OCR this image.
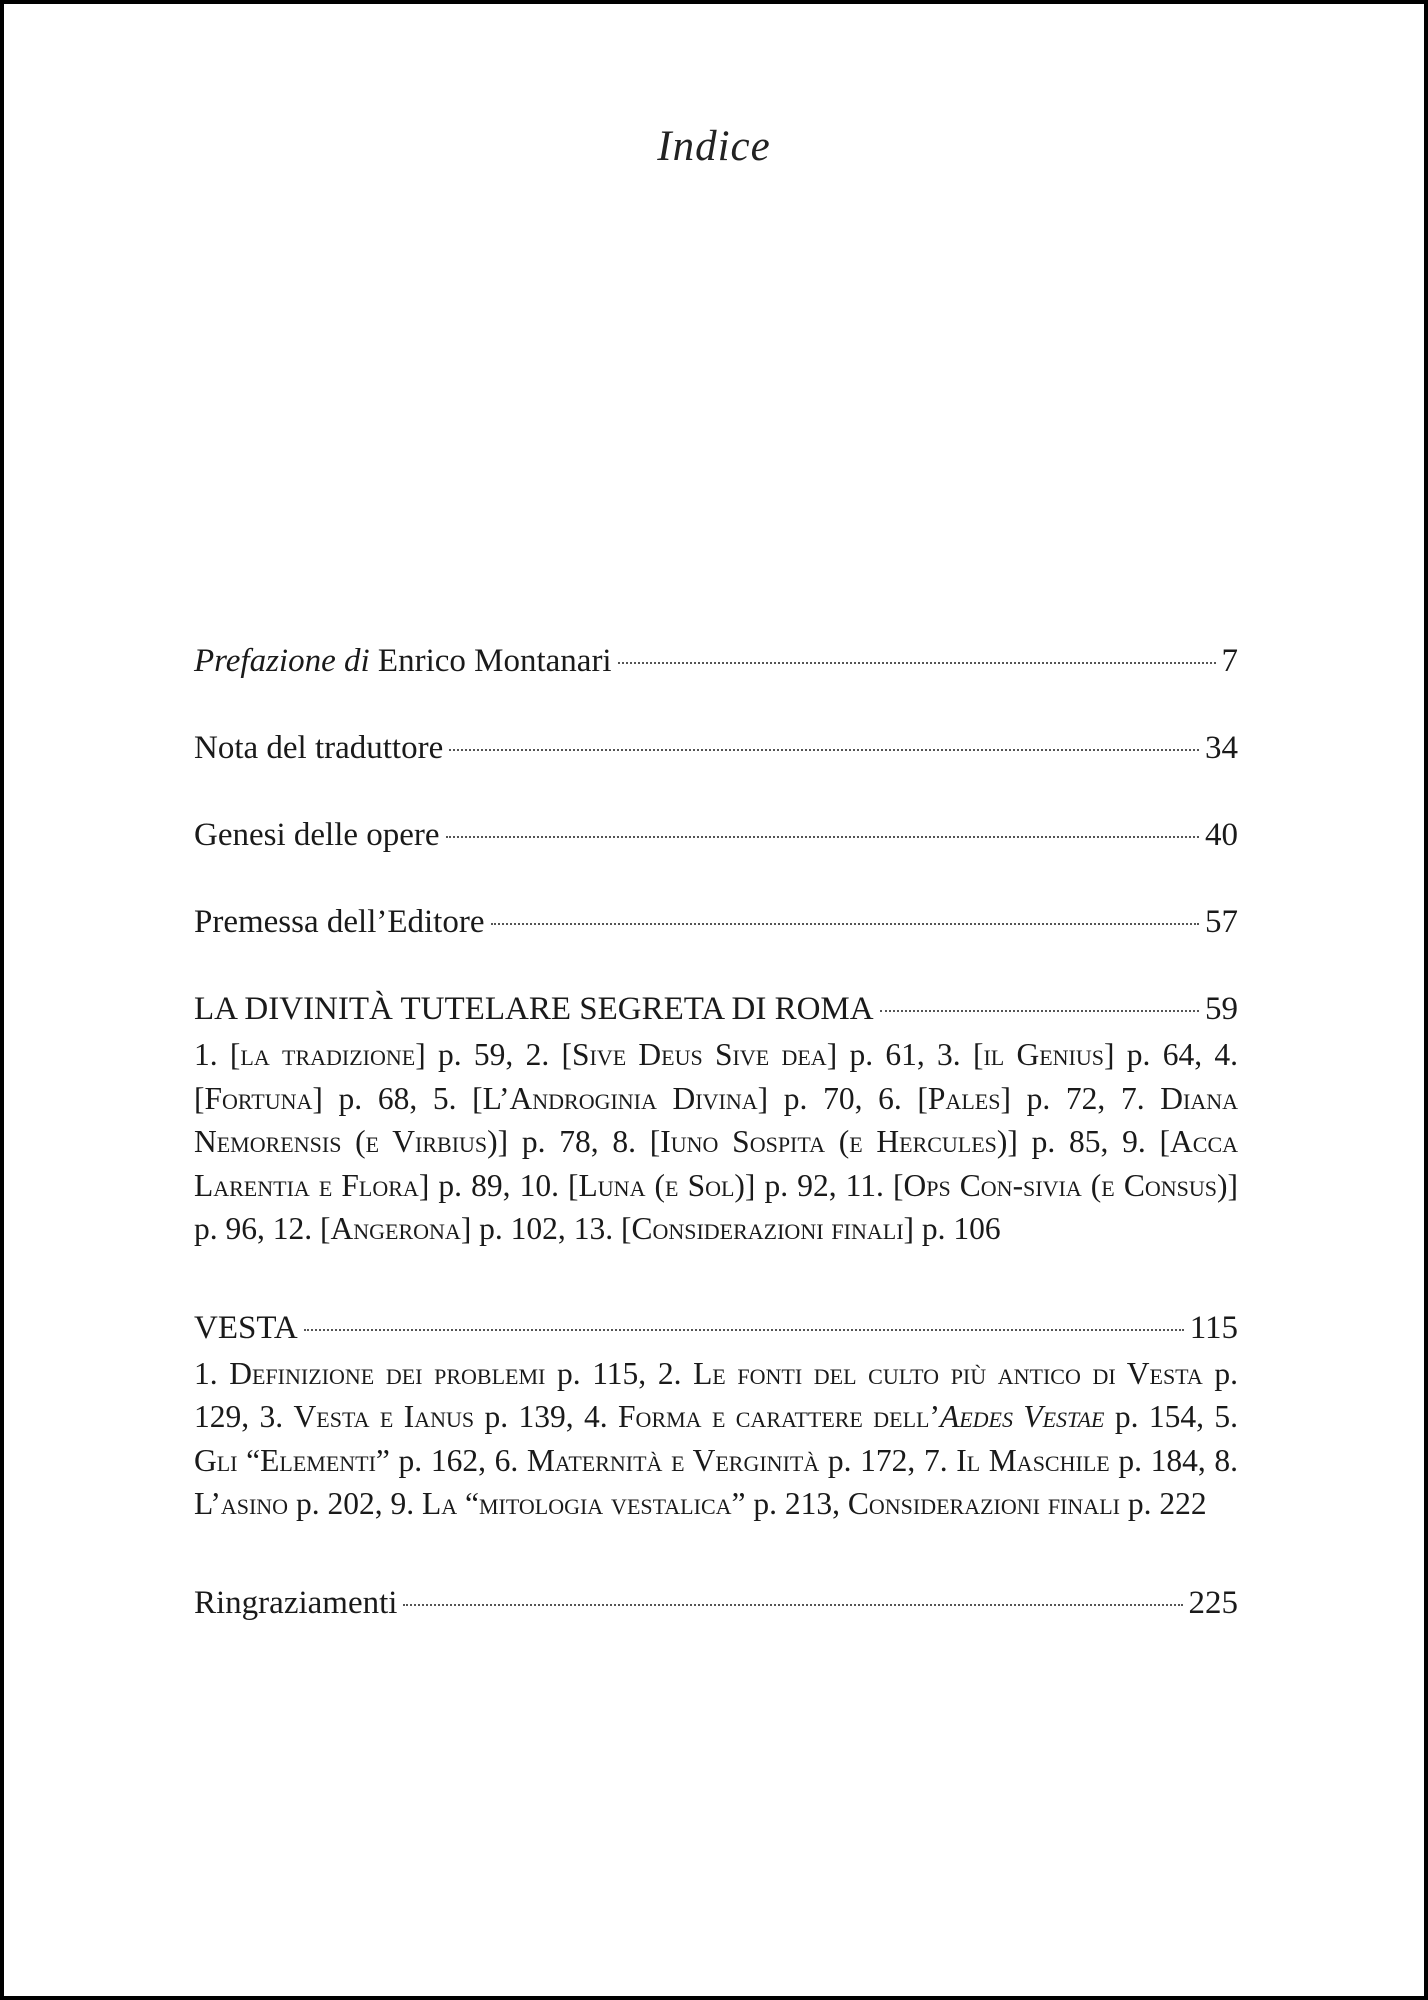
Indice
Prefazione di Enrico Montanari	7
Nota del traduttore	34
Genesi delle opere	40
Premessa dell’Editore	57
LA DIVINITÀ TUTELARE SEGRETA DI ROMA	59
1. [la tradizione] p. 59, 2. [Sive Deus Sive dea] p. 61, 3. [il Genius] p. 64, 4. [Fortuna] p. 68, 5. [L’Androginia Divina] p. 70, 6. [Pales] p. 72, 7. Diana Nemorensis (e Virbius)] p. 78, 8. [Iuno Sospita (e Hercules)] p. 85, 9. [Acca Larentia e Flora] p. 89, 10. [Luna (e Sol)] p. 92, 11. [Ops Con-sivia (e Consus)] p. 96, 12. [Angerona] p. 102, 13. [Considerazioni finali] p. 106
VESTA	115
1. Definizione dei problemi p. 115, 2. Le fonti del culto più antico di Vesta p. 129, 3. Vesta e Ianus p. 139, 4. Forma e carattere dell’Aedes Vestae p. 154, 5. Gli “Elementi” p. 162, 6. Maternità e Verginità p. 172, 7. Il Maschile p. 184, 8. L’asino p. 202, 9. La “mitologia vestalica” p. 213, Considerazioni finali p. 222
Ringraziamenti	225
